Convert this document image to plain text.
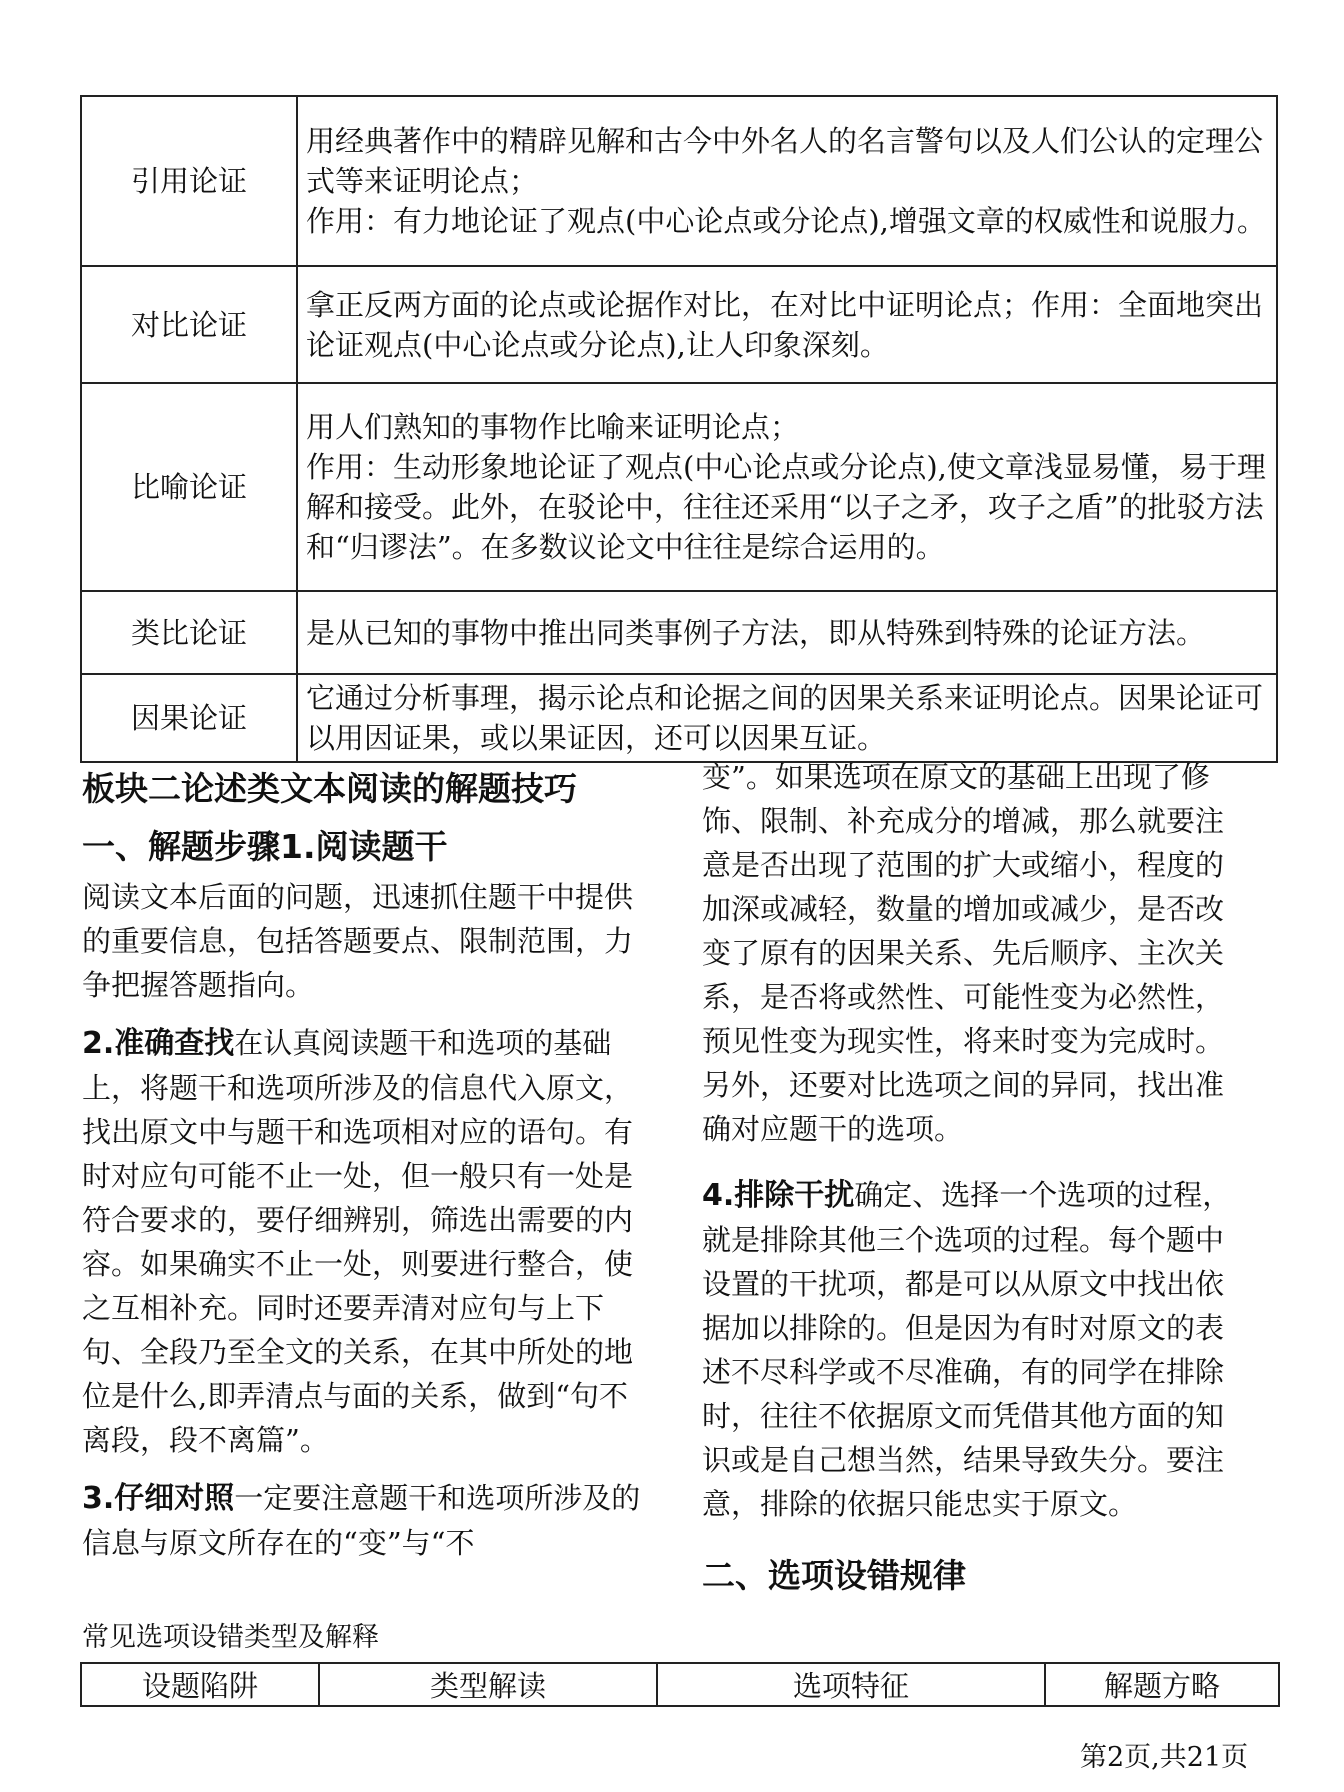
引用论证	用经典著作中的精辟见解和古今中外名人的名言警句以及人们公认的定理公式等来证明论点；
作用：有力地论证了观点(中心论点或分论点),增强文章的权威性和说服力。
对比论证	拿正反两方面的论点或论据作对比，在对比中证明论点；作用：全面地突出论证观点(中心论点或分论点),让人印象深刻。
比喻论证	用人们熟知的事物作比喻来证明论点；
作用：生动形象地论证了观点(中心论点或分论点),使文章浅显易懂，易于理解和接受。此外，在驳论中，往往还采用“以子之矛，攻子之盾”的批驳方法和“归谬法”。在多数议论文中往往是综合运用的。
类比论证	是从已知的事物中推出同类事例子方法，即从特殊到特殊的论证方法。
因果论证	它通过分析事理，揭示论点和论据之间的因果关系来证明论点。因果论证可以用因证果，或以果证因，还可以因果互证。
板块二论述类文本阅读的解题技巧
一、解题步骤1.阅读题干

阅读文本后面的问题，迅速抓住题干中提供的重要信息，包括答题要点、限制范围，力争把握答题指向。

2.准确查找在认真阅读题干和选项的基础上，将题干和选项所涉及的信息代入原文，找出原文中与题干和选项相对应的语句。有时对应句可能不止一处，但一般只有一处是符合要求的，要仔细辨别，筛选出需要的内容。如果确实不止一处，则要进行整合，使之互相补充。同时还要弄清对应句与上下句、全段乃至全文的关系，在其中所处的地位是什么,即弄清点与面的关系，做到“句不离段，段不离篇”。

3.仔细对照一定要注意题干和选项所涉及的信息与原文所存在的“变”与“不

变”。如果选项在原文的基础上出现了修饰、限制、补充成分的增减，那么就要注意是否出现了范围的扩大或缩小，程度的加深或减轻，数量的增加或减少，是否改变了原有的因果关系、先后顺序、主次关系，是否将或然性、可能性变为必然性，预见性变为现实性，将来时变为完成时。另外，还要对比选项之间的异同，找出准确对应题干的选项。

4.排除干扰确定、选择一个选项的过程，就是排除其他三个选项的过程。每个题中设置的干扰项，都是可以从原文中找出依据加以排除的。但是因为有时对原文的表述不尽科学或不尽准确，有的同学在排除时，往往不依据原文而凭借其他方面的知识或是自己想当然，结果导致失分。要注意，排除的依据只能忠实于原文。

二、选项设错规律
常见选项设错类型及解释
设题陷阱	类型解读	选项特征	解题方略
第2页,共21页
